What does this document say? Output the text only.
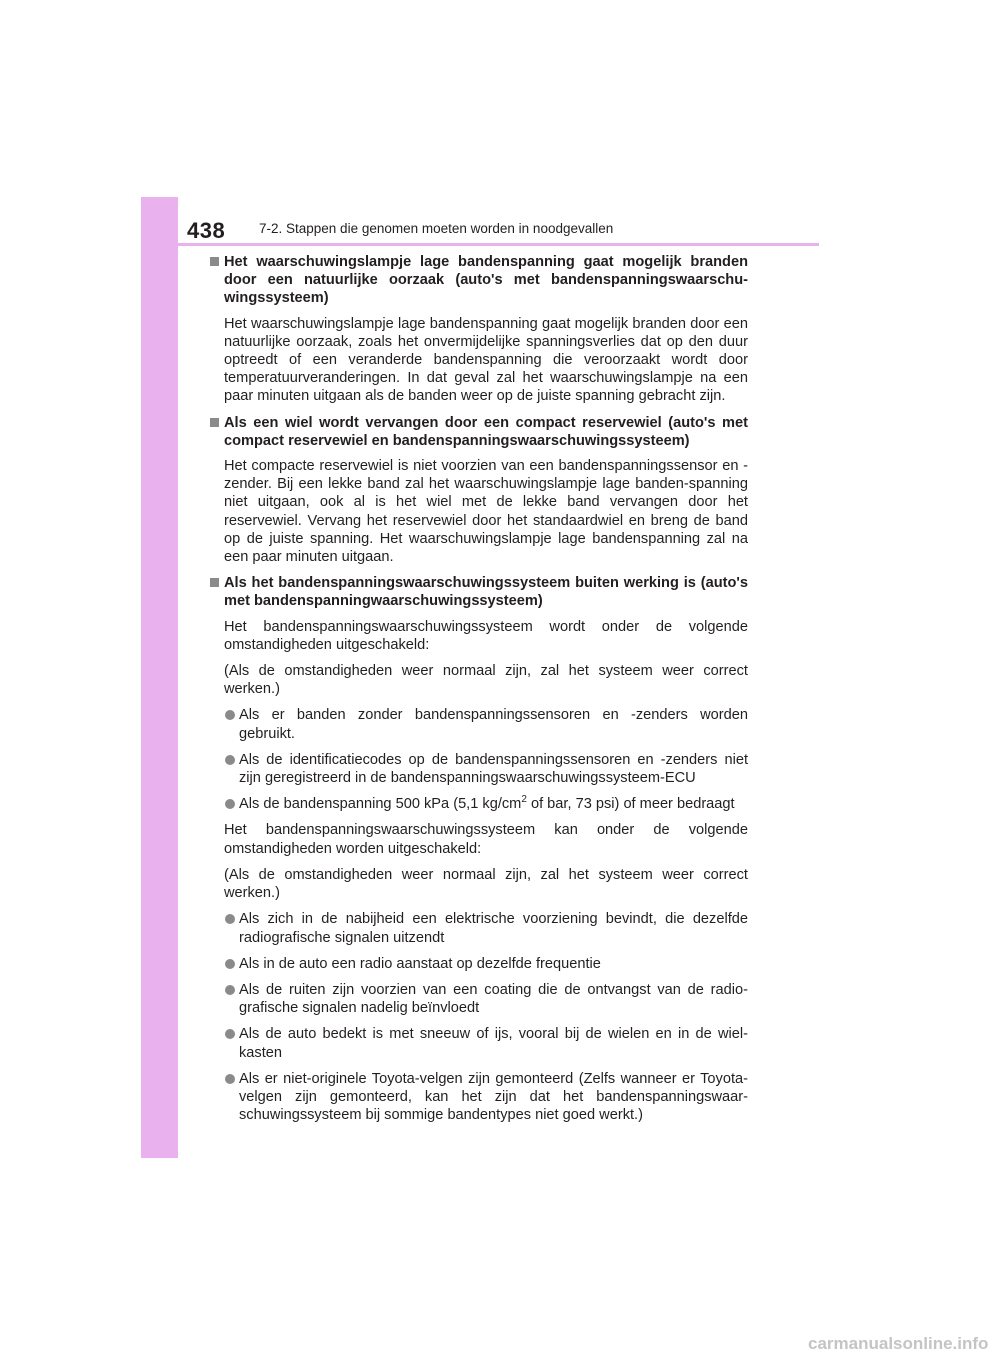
438	7-2. Stappen die genomen moeten worden in noodgevallen
Het waarschuwingslampje lage bandenspanning gaat mogelijk branden door een natuurlijke oorzaak (auto's met bandenspanningswaarschu-wingssysteem)
Het waarschuwingslampje lage bandenspanning gaat mogelijk branden door een natuurlijke oorzaak, zoals het onvermijdelijke spanningsverlies dat op den duur optreedt of een veranderde bandenspanning die veroorzaakt wordt door temperatuurveranderingen. In dat geval zal het waarschuwingslampje na een paar minuten uitgaan als de banden weer op de juiste spanning gebracht zijn.
Als een wiel wordt vervangen door een compact reservewiel (auto's met compact reservewiel en bandenspanningswaarschuwingssysteem)
Het compacte reservewiel is niet voorzien van een bandenspanningssensor en -zender. Bij een lekke band zal het waarschuwingslampje lage banden-spanning niet uitgaan, ook al is het wiel met de lekke band vervangen door het reservewiel. Vervang het reservewiel door het standaardwiel en breng de band op de juiste spanning. Het waarschuwingslampje lage bandenspanning zal na een paar minuten uitgaan.
Als het bandenspanningswaarschuwingssysteem buiten werking is (auto's met bandenspanningwaarschuwingssysteem)
Het bandenspanningswaarschuwingssysteem wordt onder de volgende omstandigheden uitgeschakeld:
(Als de omstandigheden weer normaal zijn, zal het systeem weer correct werken.)
Als er banden zonder bandenspanningssensoren en -zenders worden gebruikt.
Als de identificatiecodes op de bandenspanningssensoren en -zenders niet zijn geregistreerd in de bandenspanningswaarschuwingssysteem-ECU
Als de bandenspanning 500 kPa (5,1 $kg/cm^2$ of bar, 73 psi) of meer bedraagt
Het bandenspanningswaarschuwingssysteem kan onder de volgende omstandigheden worden uitgeschakeld:
(Als de omstandigheden weer normaal zijn, zal het systeem weer correct werken.)
Als zich in de nabijheid een elektrische voorziening bevindt, die dezelfde radiografische signalen uitzendt
Als in de auto een radio aanstaat op dezelfde frequentie
Als de ruiten zijn voorzien van een coating die de ontvangst van de radio-grafische signalen nadelig beïnvloedt
Als de auto bedekt is met sneeuw of ijs, vooral bij de wielen en in de wiel-kasten
Als er niet-originele Toyota-velgen zijn gemonteerd (Zelfs wanneer er Toyota-velgen zijn gemonteerd, kan het zijn dat het bandenspanningswaar-schuwingssysteem bij sommige bandentypes niet goed werkt.)
carmanualsonline.info
